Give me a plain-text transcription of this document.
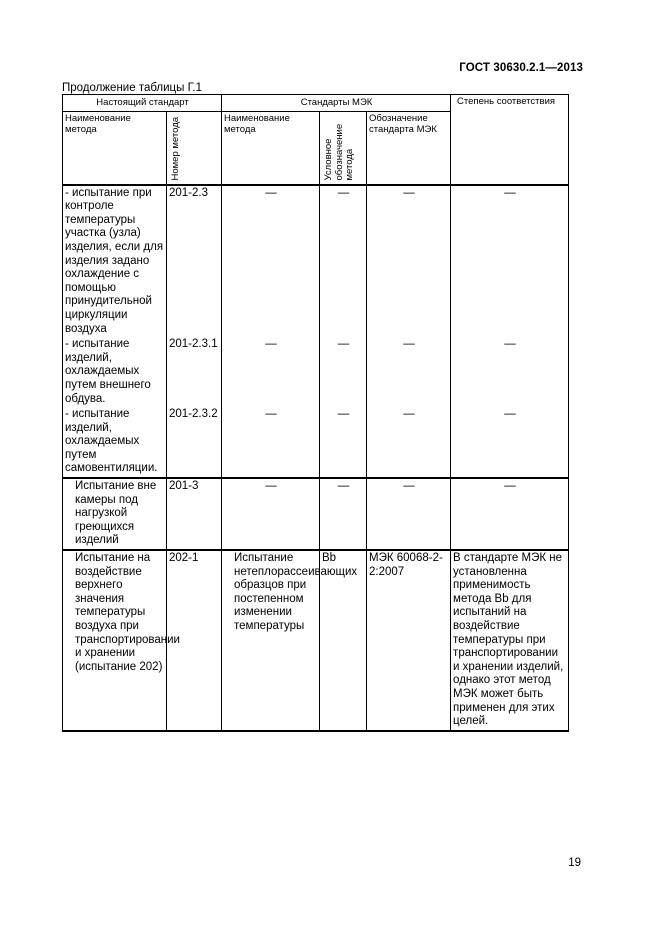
ГОСТ 30630.2.1—2013
Продолжение таблицы Г.1
Настоящий стандарт		Стандарты МЭК			Степень соответствия

Наименование метода	Номер метода	Наименование метода	Условное обозначение метода	Обозначение стандарта МЭК	

- испытание при контроле температуры участка (узла) изделия, если для изделия задано охлаждение с помощью принудительной циркуляции воздуха	201-2.3	—	—	—	—
- испытание изделий, охлаждаемых путем внешнего обдува.	201-2.3.1	—	—	—	—
- испытание изделий, охлаждаемых путем самовентиляции.	201-2.3.2	—	—	—	—
Испытание вне камеры под нагрузкой греющихся изделий	201-3	—	—	—	—
Испытание на воздействие верхнего значения температуры воздуха при транспортировании и хранении (испытание 202)	202-1	Испытание нетеплорассеивающих образцов при постепенном изменении температуры	Bb	МЭК 60068-2-2:2007	В стандарте МЭК не установленна применимость метода Bb для испытаний на воздействие температуры при транспортировании и хранении изделий, однако этот метод МЭК может быть применен для этих целей.
19
